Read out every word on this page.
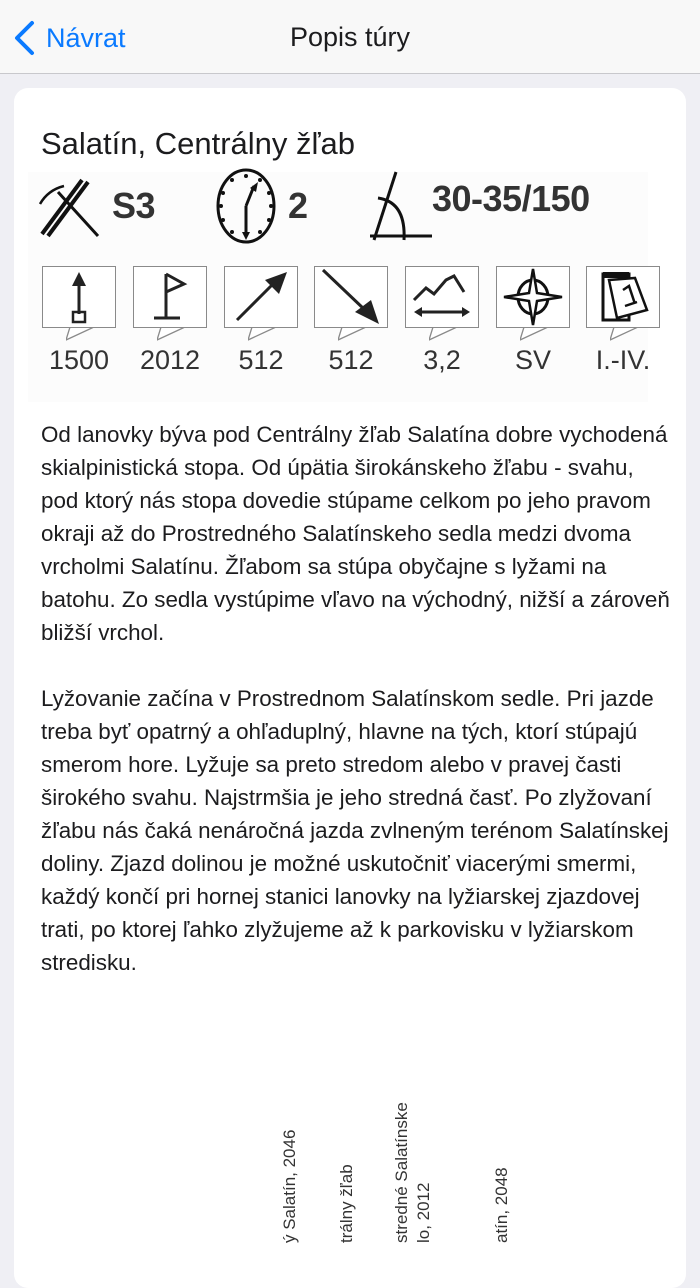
Návrat	Popis túry
Salatín, Centrálny žľab
S3	2	30-35/150
1500	2012	512	512	3,2	SV	I.-IV.

Od lanovky býva pod Centrálny žľab Salatína dobre vychodená skialpinistická stopa. Od úpätia širokánskeho žľabu - svahu, pod ktorý nás stopa dovedie stúpame celkom po jeho pravom okraji až do Prostredného Salatínskeho sedla medzi dvoma vrcholmi Salatínu. Žľabom sa stúpa obyčajne s lyžami na batohu. Zo sedla vystúpime vľavo na východný, nižší a zároveň bližší vrchol.

Lyžovanie začína v Prostrednom Salatínskom sedle. Pri jazde treba byť opatrný a ohľaduplný, hlavne na tých, ktorí stúpajú smerom hore. Lyžuje sa preto stredom alebo v pravej časti širokého svahu. Najstrmšia je jeho stredná časť. Po zlyžovaní žľabu nás čaká nenáročná jazda zvlneným terénom Salatínskej doliny. Zjazd dolinou je možné uskutočniť viacerými smermi, každý končí pri hornej stanici lanovky na lyžiarskej zjazdovej trati, po ktorej ľahko zlyžujeme až k parkovisku v lyžiarskom stredisku.

ý Salatín, 2046 trálny žľab stredné Salatínske lo, 2012	atín, 2048
